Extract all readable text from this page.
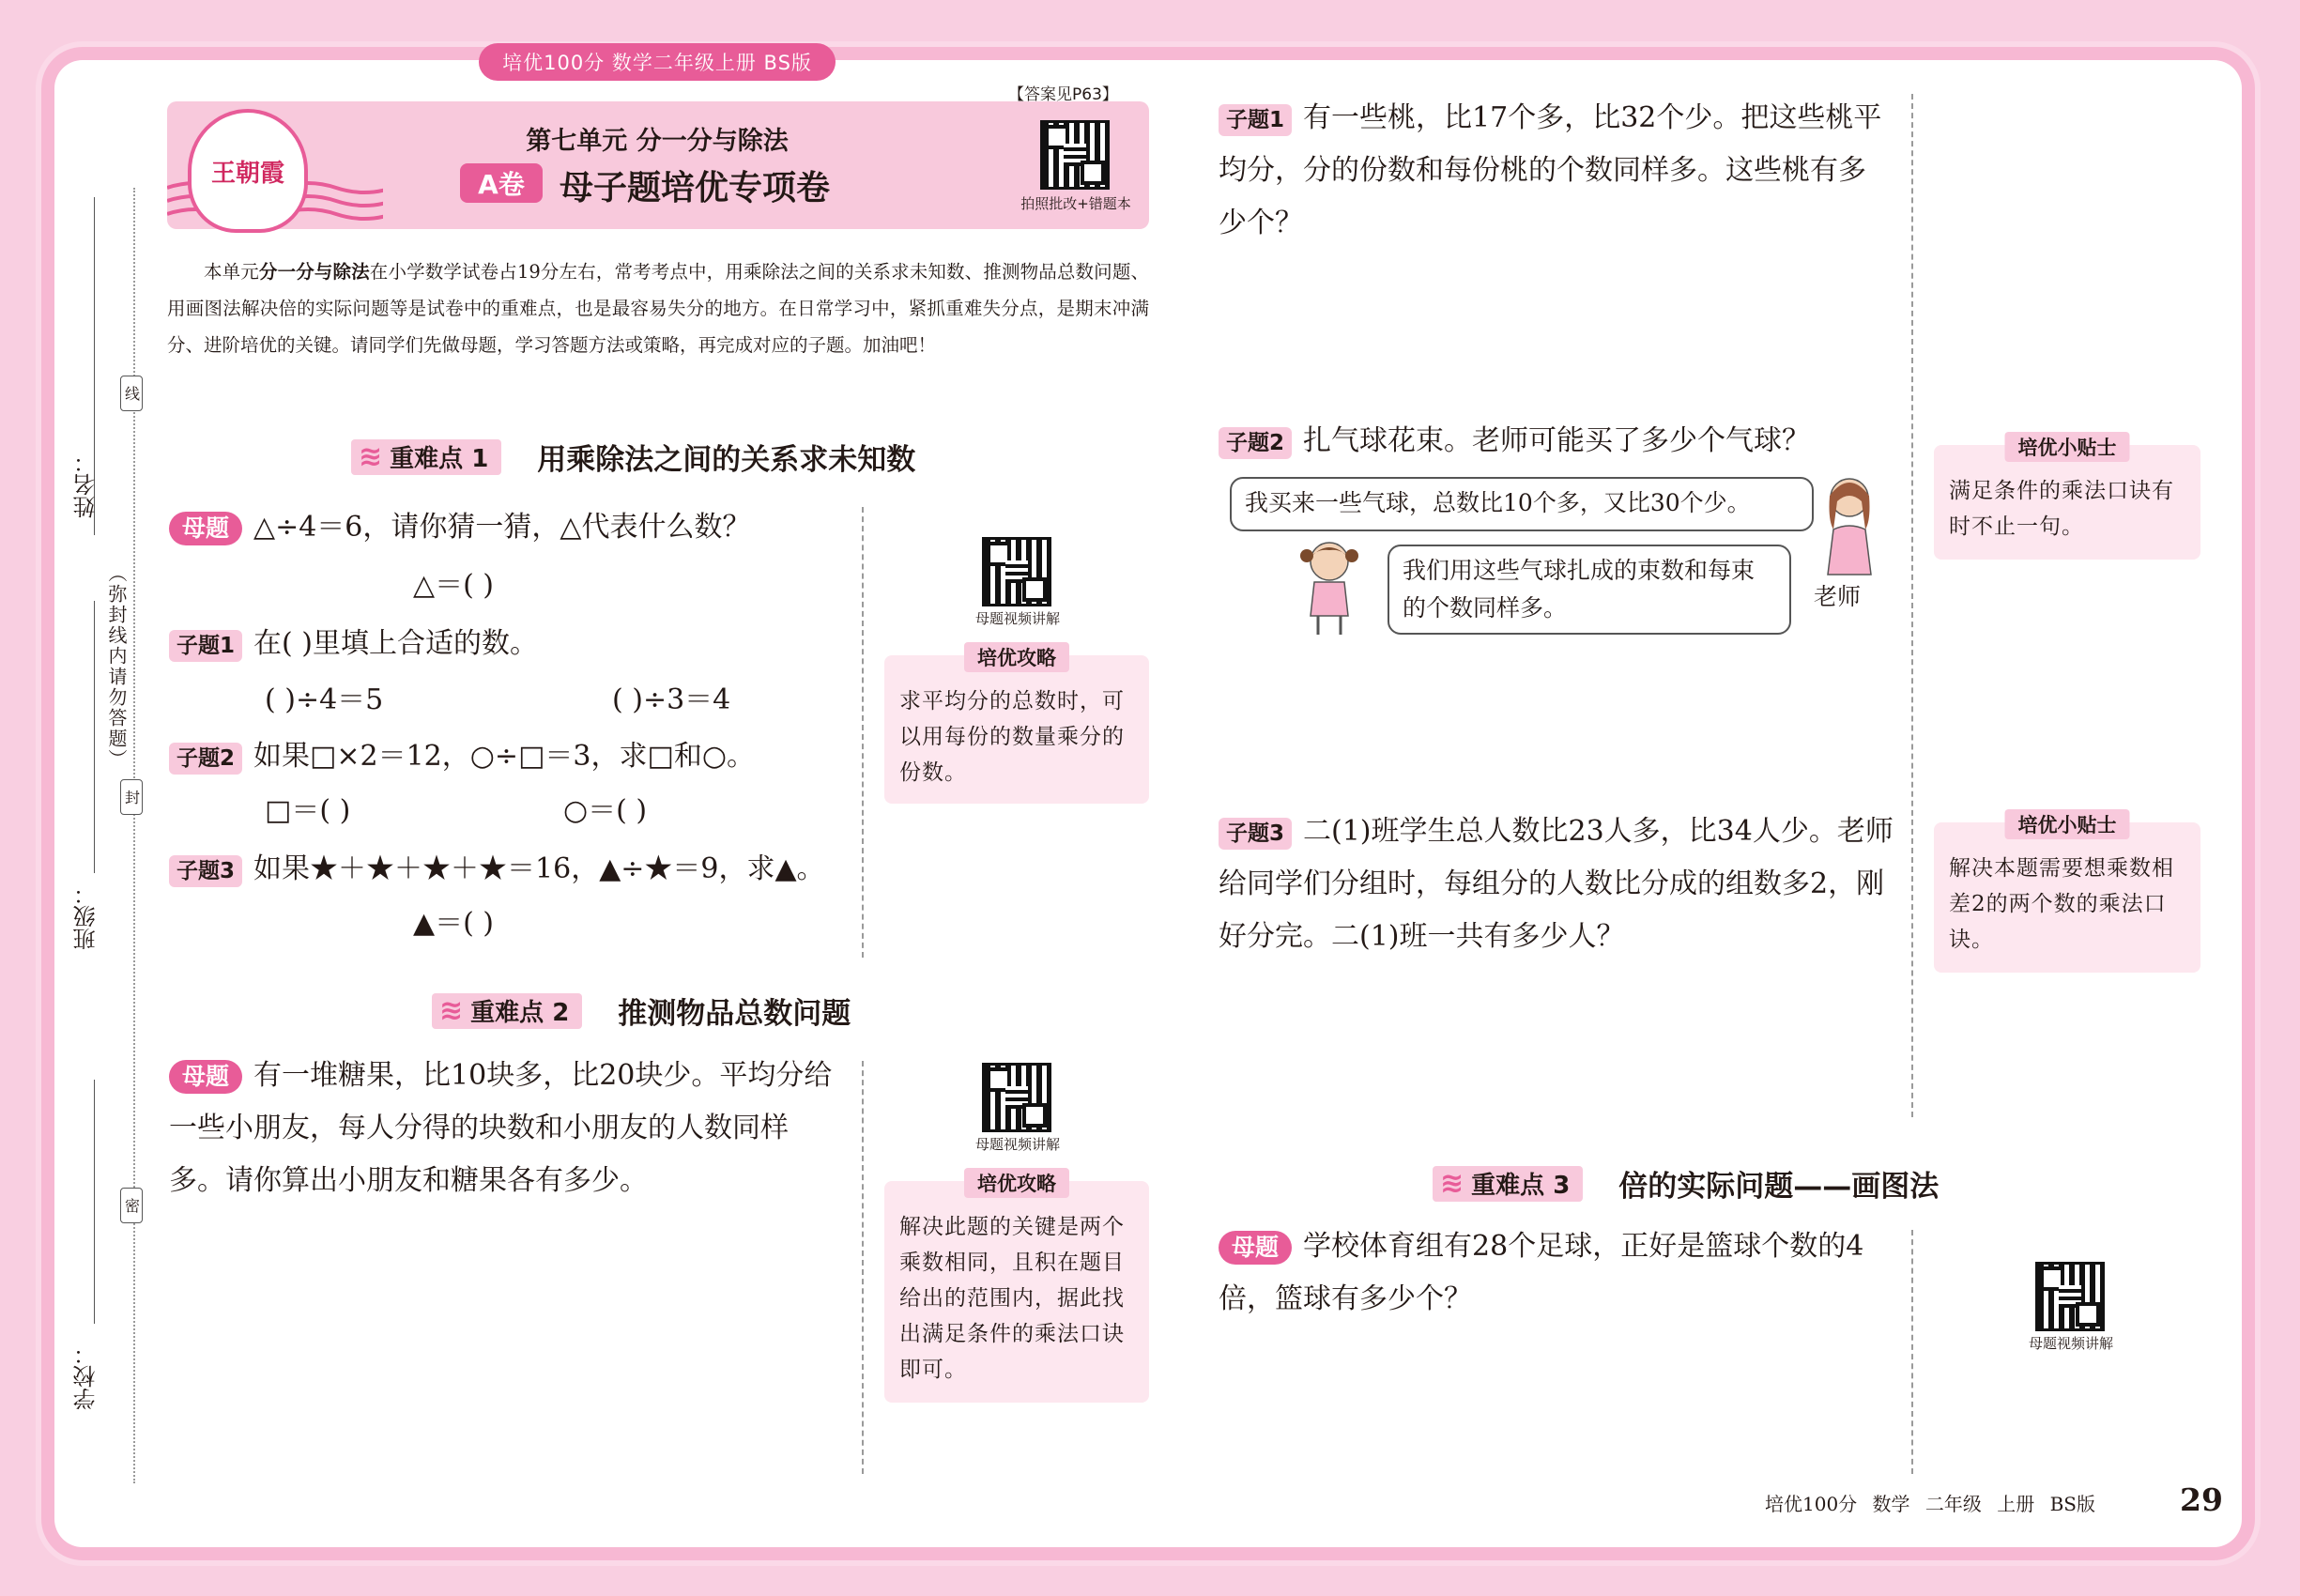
培优100分 数学二年级上册 BS版
王朝霞
第七单元 分一分与除法
A卷	母子题培优专项卷
【答案见P63】
拍照批改+错题本
本单元分一分与除法在小学数学试卷占19分左右，常考考点中，用乘除法之间的关系求未知数、推测物品总数问题、用画图法解决倍的实际问题等是试卷中的重难点，也是最容易失分的地方。在日常学习中，紧抓重难失分点，是期末冲满分、进阶培优的关键。请同学们先做母题，学习答题方法或策略，再完成对应的子题。加油吧！
姓名：
班级：
学校：
线
（弥封线内请勿答题）
封
密
≋ 重难点 1 用乘除法之间的关系求未知数
母题 △÷4＝6，请你猜一猜，△代表什么数？
△＝( )
子题1 在( )里填上合适的数。
( )÷4＝5	( )÷3＝4
子题2 如果□×2＝12，○÷□＝3，求□和○。
□＝( )	○＝( )
子题3 如果★＋★＋★＋★＝16，▲÷★＝9，求▲。
▲＝( )
母题视频讲解
培优攻略
求平均分的总数时，可以用每份的数量乘分的份数。
≋ 重难点 2 推测物品总数问题
母题 有一堆糖果，比10块多，比20块少。平均分给一些小朋友，每人分得的块数和小朋友的人数同样多。请你算出小朋友和糖果各有多少。
母题视频讲解
培优攻略
解决此题的关键是两个乘数相同，且积在题目给出的范围内，据此找出满足条件的乘法口诀即可。
子题1 有一些桃，比17个多，比32个少。把这些桃平均分，分的份数和每份桃的个数同样多。这些桃有多少个？
子题2 扎气球花束。老师可能买了多少个气球？
我买来一些气球，总数比10个多，又比30个少。
我们用这些气球扎成的束数和每束的个数同样多。	老师
培优小贴士
满足条件的乘法口诀有时不止一句。
子题3 二(1)班学生总人数比23人多，比34人少。老师给同学们分组时，每组分的人数比分成的组数多2，刚好分完。二(1)班一共有多少人？
培优小贴士
解决本题需要想乘数相差2的两个数的乘法口诀。
≋ 重难点 3 倍的实际问题——画图法
母题 学校体育组有28个足球，正好是篮球个数的4倍，篮球有多少个？
母题视频讲解
培优100分 数学 二年级 上册 BS版	29
